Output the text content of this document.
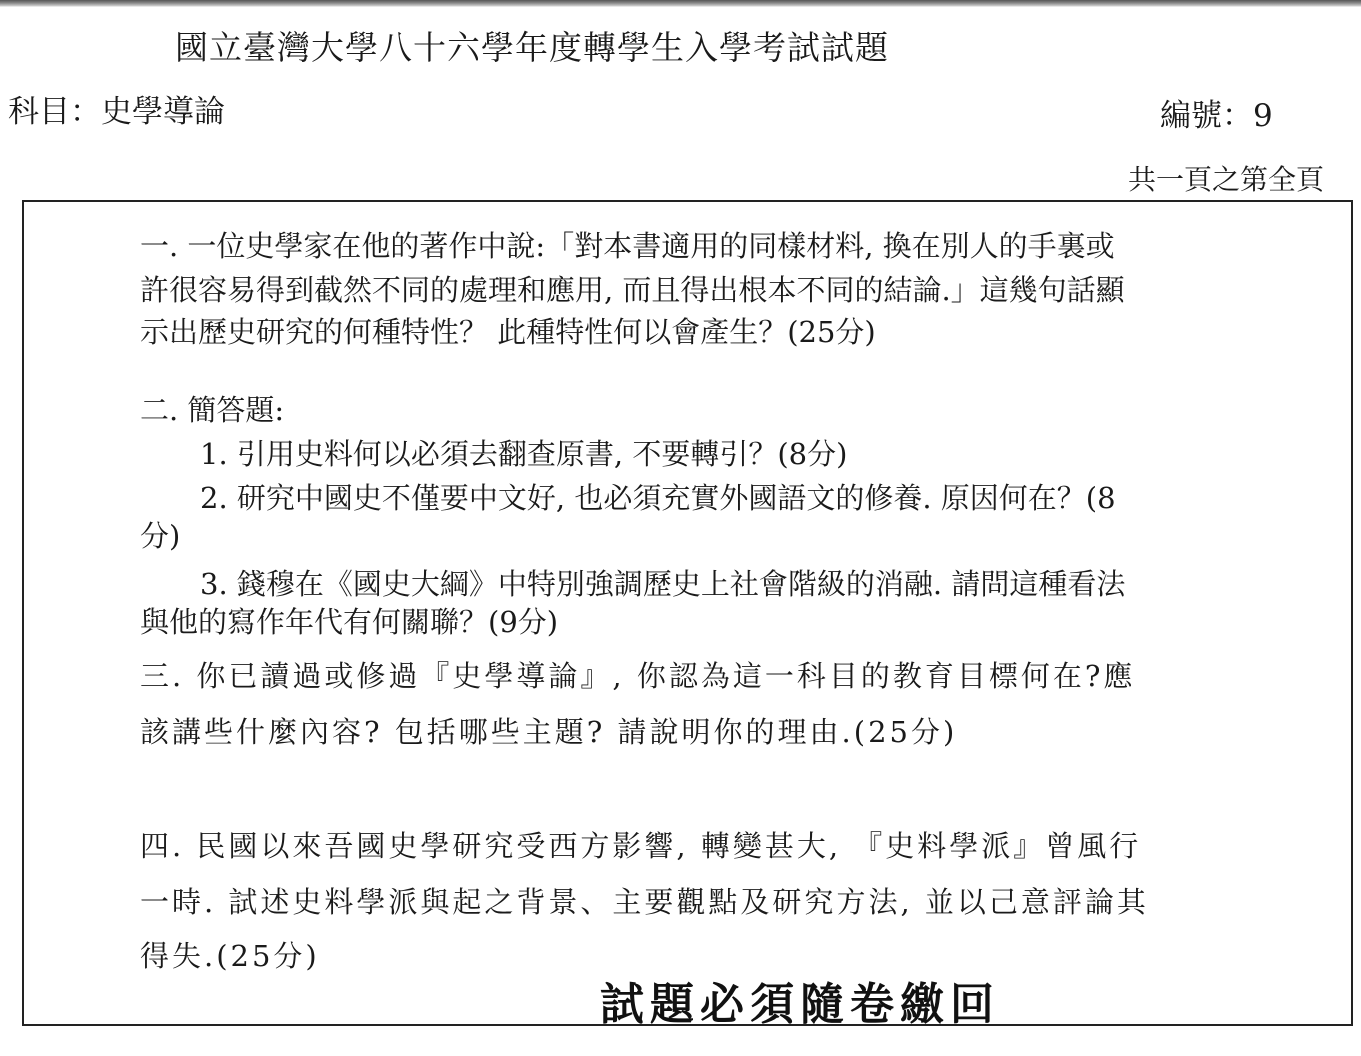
國立臺灣大學八十六學年度轉學生入學考試試題
科目：史學導論	編號：9
共一頁之第全頁
一. 一位史學家在他的著作中說:「對本書適用的同樣材料, 換在別人的手裏或
許很容易得到截然不同的處理和應用, 而且得出根本不同的結論.」這幾句話顯
示出歷史研究的何種特性？ 此種特性何以會產生？(25分)
二. 簡答題:
1. 引用史料何以必須去翻查原書, 不要轉引？(8分)
2. 研究中國史不僅要中文好, 也必須充實外國語文的修養. 原因何在？(8
分)
3. 錢穆在《國史大綱》中特別強調歷史上社會階級的消融. 請問這種看法
與他的寫作年代有何關聯？(9分)
三. 你已讀過或修過『史學導論』, 你認為這一科目的教育目標何在?應
該講些什麼內容? 包括哪些主題? 請說明你的理由.(25分)
四. 民國以來吾國史學研究受西方影響, 轉變甚大, 『史料學派』曾風行
一時. 試述史料學派與起之背景、主要觀點及研究方法, 並以己意評論其
得失.(25分)
試題必須隨卷繳回
